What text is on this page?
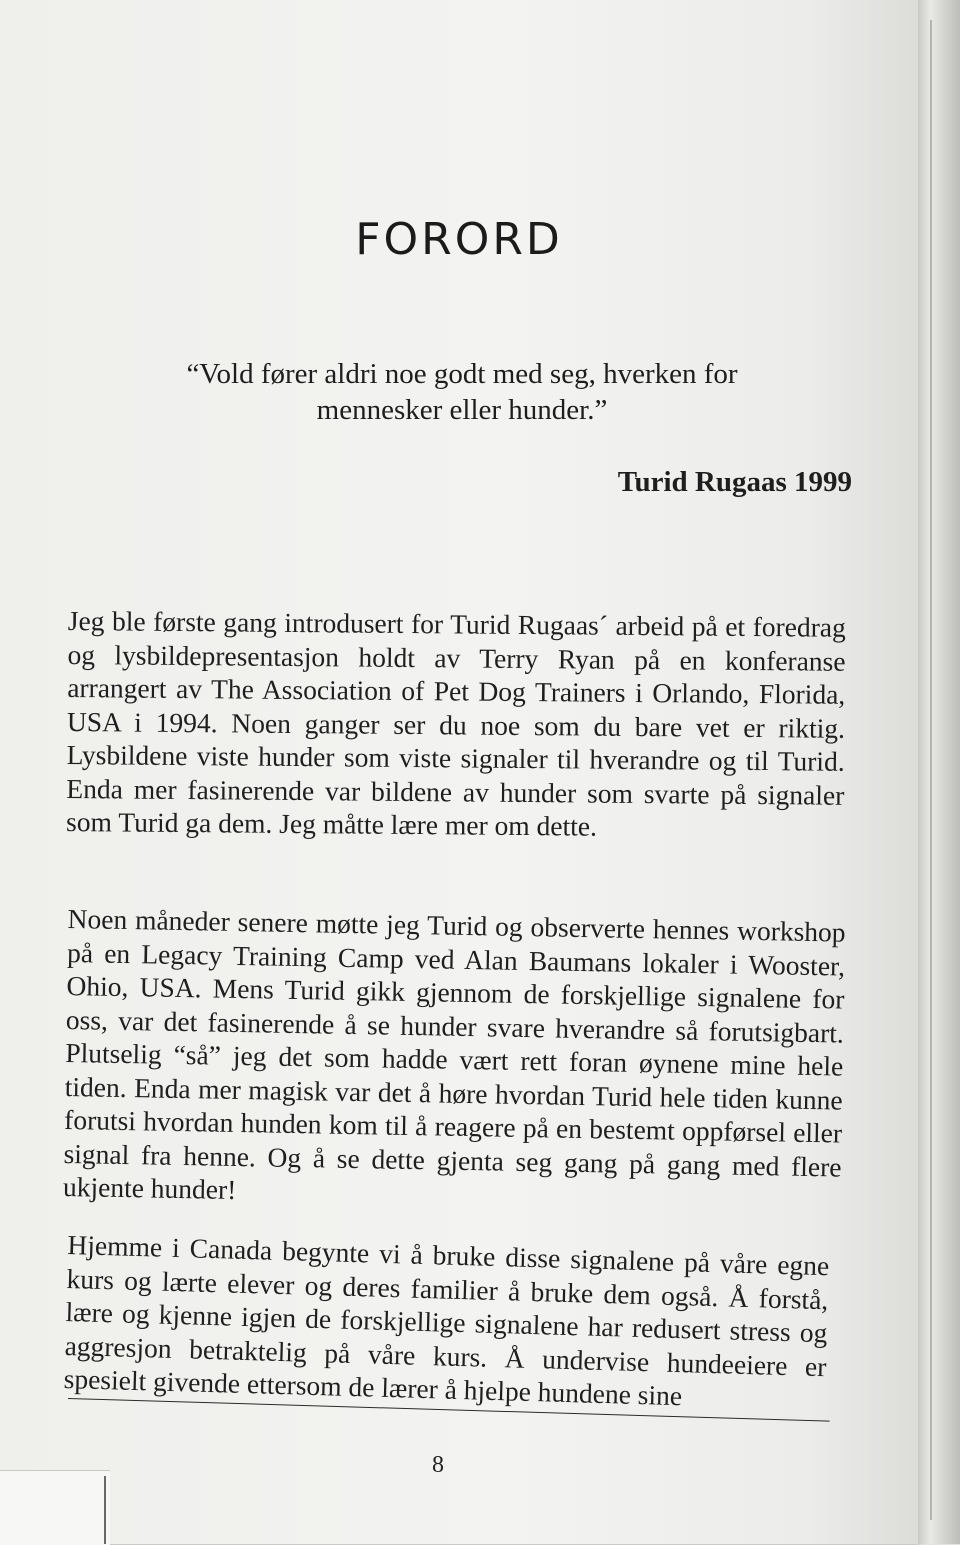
FORORD
“Vold fører aldri noe godt med seg, hverken for mennesker eller hunder.”
Turid Rugaas 1999

Jeg ble første gang introdusert for Turid Rugaas´ arbeid på et foredrag og lysbildepresentasjon holdt av Terry Ryan på en konferanse arrangert av The Association of Pet Dog Trainers i Orlando, Florida, USA i 1994. Noen ganger ser du noe som du bare vet er riktig. Lysbildene viste hunder som viste signaler til hverandre og til Turid. Enda mer fasinerende var bildene av hunder som svarte på signaler som Turid ga dem. Jeg måtte lære mer om dette.

Noen måneder senere møtte jeg Turid og observerte hennes workshop på en Legacy Training Camp ved Alan Baumans lokaler i Wooster, Ohio, USA. Mens Turid gikk gjennom de forskjellige signalene for oss, var det fasinerende å se hunder svare hverandre så forutsigbart. Plutselig “så” jeg det som hadde vært rett foran øynene mine hele tiden. Enda mer magisk var det å høre hvordan Turid hele tiden kunne forutsi hvordan hunden kom til å reagere på en bestemt oppførsel eller signal fra henne. Og å se dette gjenta seg gang på gang med flere ukjente hunder!

Hjemme i Canada begynte vi å bruke disse signalene på våre egne kurs og lærte elever og deres familier å bruke dem også. Å forstå, lære og kjenne igjen de forskjellige signalene har redusert stress og aggresjon betraktelig på våre kurs. Å undervise hundeeiere er spesielt givende ettersom de lærer å hjelpe hundene sine

8
